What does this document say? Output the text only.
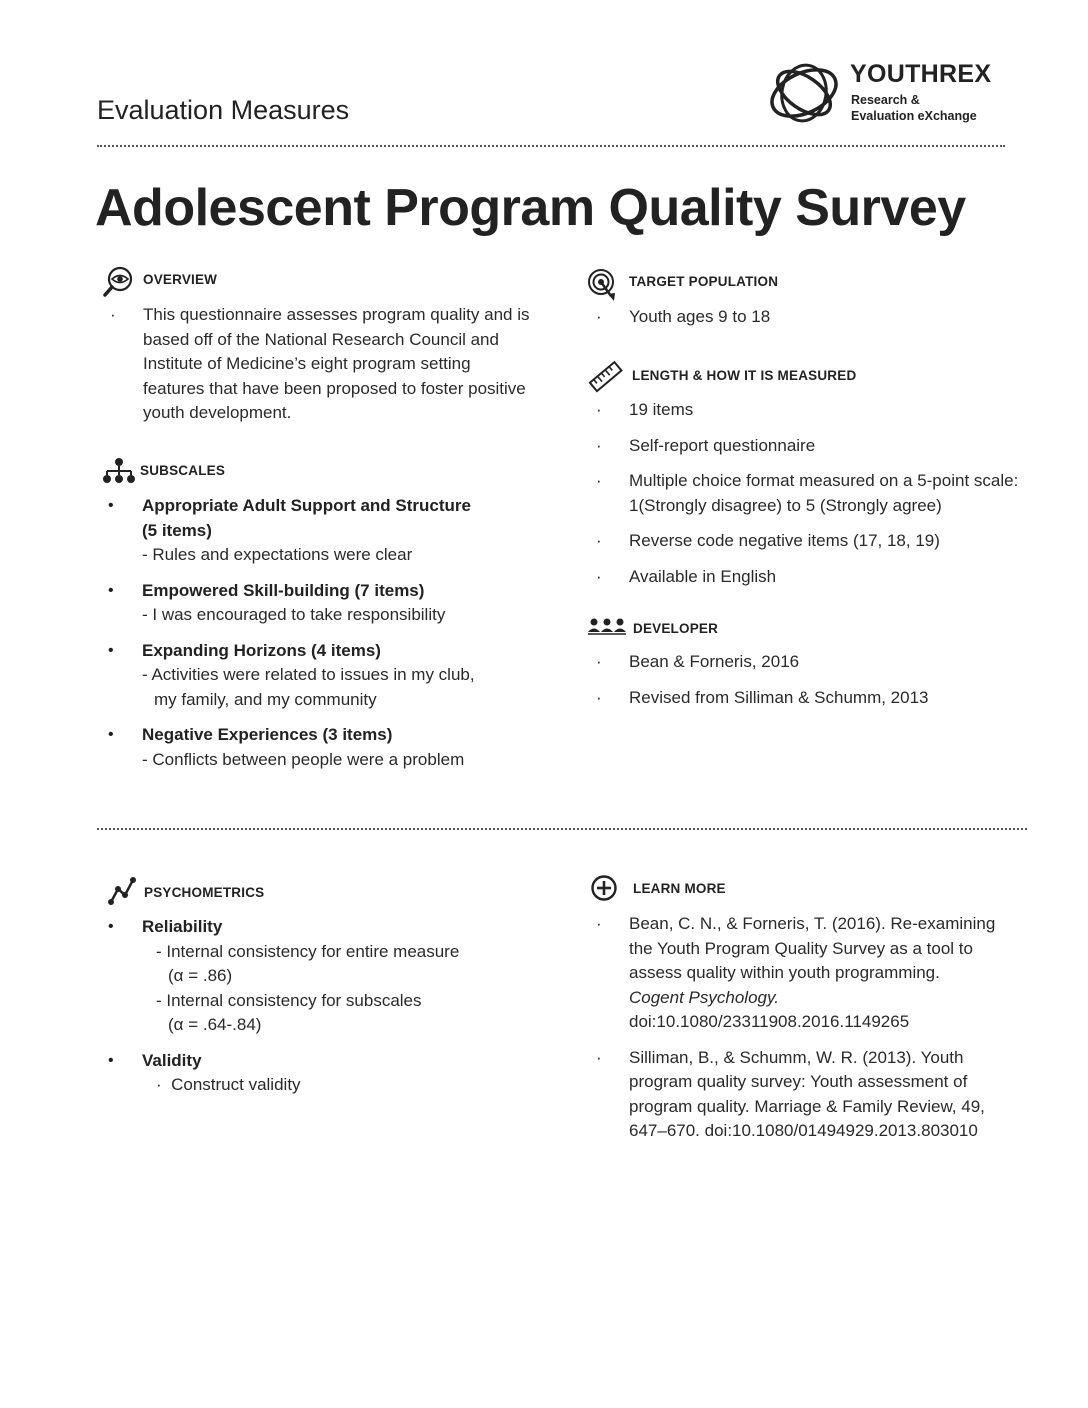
Evaluation Measures
YOUTHREX
Research &
Evaluation eXchange
Adolescent Program Quality Survey
OVERVIEW
· This questionnaire assesses program quality and is based off of the National Research Council and Institute of Medicine’s eight program setting features that have been proposed to foster positive youth development.
SUBSCALES
• Appropriate Adult Support and Structure
(5 items)
- Rules and expectations were clear
• Empowered Skill-building (7 items)
- I was encouraged to take responsibility
• Expanding Horizons (4 items)
- Activities were related to issues in my club,
my family, and my community
• Negative Experiences (3 items)
- Conflicts between people were a problem
TARGET POPULATION
· Youth ages 9 to 18
LENGTH & HOW IT IS MEASURED
· 19 items
· Self-report questionnaire
· Multiple choice format measured on a 5-point scale: 1(Strongly disagree) to 5 (Strongly agree)
· Reverse code negative items (17, 18, 19)
· Available in English
DEVELOPER
· Bean & Forneris, 2016
· Revised from Silliman & Schumm, 2013
PSYCHOMETRICS
• Reliability
- Internal consistency for entire measure
(α = .86)
- Internal consistency for subscales
(α = .64-.84)
• Validity
·  Construct validity
LEARN MORE
· Bean, C. N., & Forneris, T. (2016). Re-examining the Youth Program Quality Survey as a tool to assess quality within youth programming. Cogent Psychology. doi:10.1080/23311908.2016.1149265
· Silliman, B., & Schumm, W. R. (2013). Youth program quality survey: Youth assessment of program quality. Marriage & Family Review, 49, 647–670. doi:10.1080/01494929.2013.803010
